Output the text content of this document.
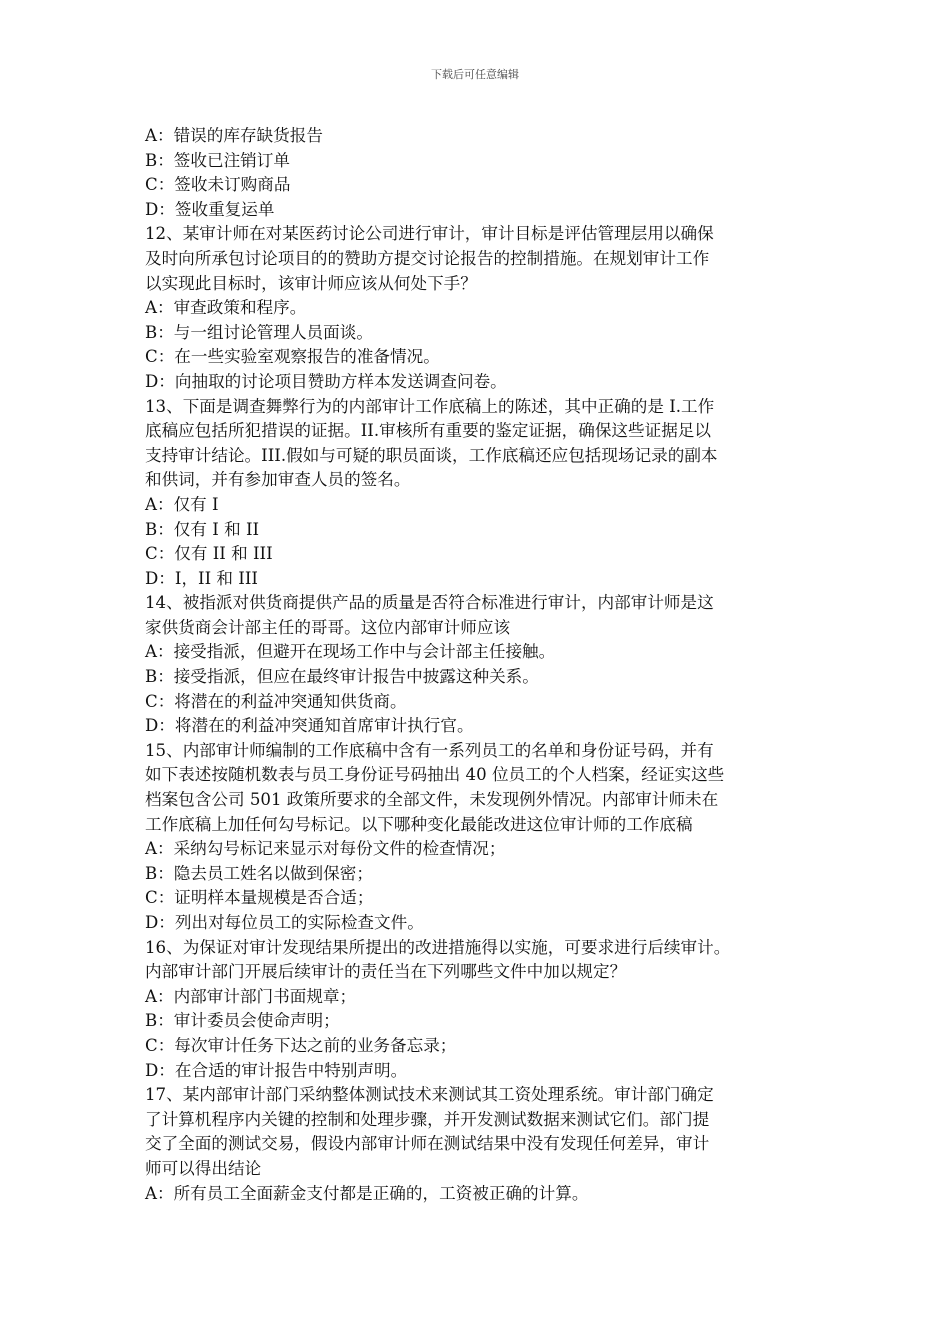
下载后可任意编辑
A：错误的库存缺货报告
B：签收已注销订单
C：签收未订购商品
D：签收重复运单
12、某审计师在对某医药讨论公司进行审计，审计目标是评估管理层用以确保
及时向所承包讨论项目的的赞助方提交讨论报告的控制措施。在规划审计工作
以实现此目标时，该审计师应该从何处下手？
A：审查政策和程序。
B：与一组讨论管理人员面谈。
C：在一些实验室观察报告的准备情况。
D：向抽取的讨论项目赞助方样本发送调查问卷。
13、下面是调查舞弊行为的内部审计工作底稿上的陈述，其中正确的是 I.工作
底稿应包括所犯措误的证据。II.审核所有重要的鉴定证据，确保这些证据足以
支持审计结论。III.假如与可疑的职员面谈，工作底稿还应包括现场记录的副本
和供词，并有参加审查人员的签名。
A：仅有 I
B：仅有 I 和 II
C：仅有 II 和 III
D：I，II 和 III
14、被指派对供货商提供产品的质量是否符合标准进行审计，内部审计师是这
家供货商会计部主任的哥哥。这位内部审计师应该
A：接受指派，但避开在现场工作中与会计部主任接触。
B：接受指派，但应在最终审计报告中披露这种关系。
C：将潜在的利益冲突通知供货商。
D：将潜在的利益冲突通知首席审计执行官。
15、内部审计师编制的工作底稿中含有一系列员工的名单和身份证号码，并有
如下表述按随机数表与员工身份证号码抽出 40 位员工的个人档案，经证实这些
档案包含公司 501 政策所要求的全部文件，未发现例外情况。内部审计师未在
工作底稿上加任何勾号标记。以下哪种变化最能改进这位审计师的工作底稿
A：采纳勾号标记来显示对每份文件的检查情况；
B：隐去员工姓名以做到保密；
C：证明样本量规模是否合适；
D：列出对每位员工的实际检查文件。
16、为保证对审计发现结果所提出的改进措施得以实施，可要求进行后续审计。
内部审计部门开展后续审计的责任当在下列哪些文件中加以规定？
A：内部审计部门书面规章；
B：审计委员会使命声明；
C：每次审计任务下达之前的业务备忘录；
D：在合适的审计报告中特别声明。
17、某内部审计部门采纳整体测试技术来测试其工资处理系统。审计部门确定
了计算机程序内关键的控制和处理步骤，并开发测试数据来测试它们。部门提
交了全面的测试交易，假设内部审计师在测试结果中没有发现任何差异，审计
师可以得出结论
A：所有员工全面薪金支付都是正确的，工资被正确的计算。
